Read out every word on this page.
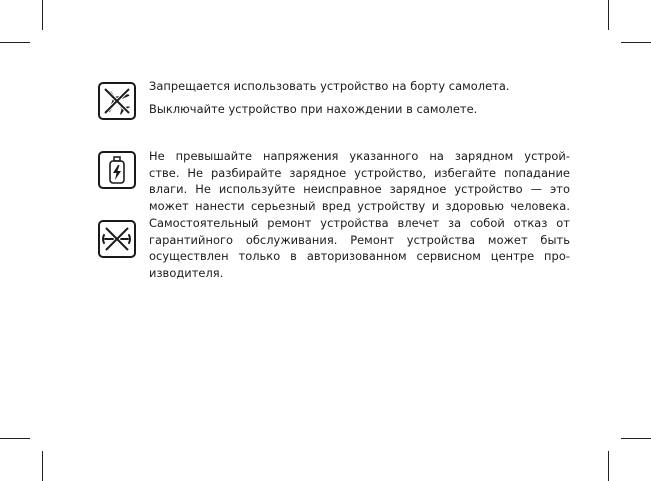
Запрещается использовать устройство на борту самолета.
Выключайте устройство при нахождении в самолете.
Не превышайте напряжения указанного на зарядном устрой-
стве. Не разбирайте зарядное устройство, избегайте попадание
влаги. Не используйте неисправное зарядное устройство — это
может нанести серьезный вред устройству и здоровью человека.
Самостоятельный ремонт устройства влечет за собой отказ от
гарантийного обслуживания. Ремонт устройства может быть
осуществлен только в авторизованном сервисном центре про-
изводителя.
